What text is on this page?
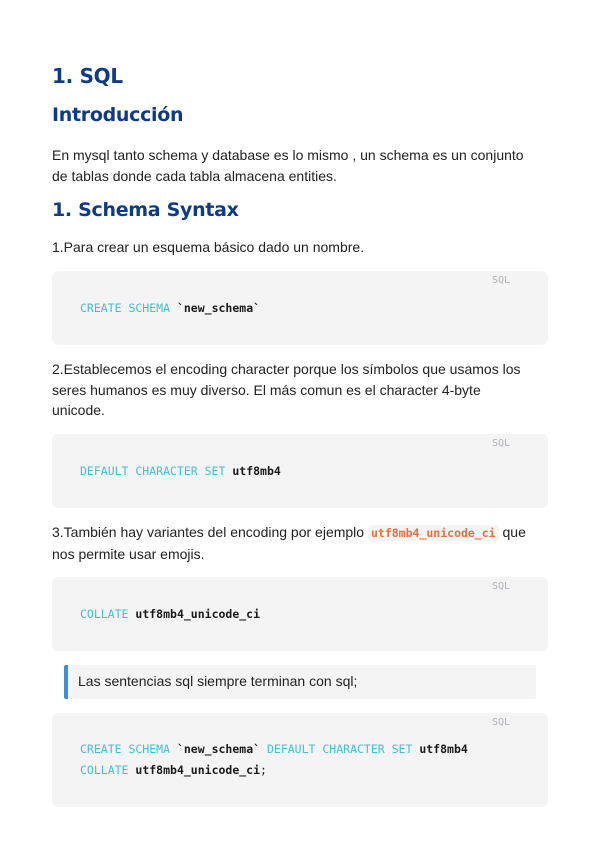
1. SQL
Introducción

En mysql tanto schema y database es lo mismo , un schema es un conjunto
de tablas donde cada tabla almacena entities.

1. Schema Syntax

1.Para crear un esquema básico dado un nombre.

SQL
CREATE SCHEMA `new_schema`

2.Establecemos el encoding character porque los símbolos que usamos los
seres humanos es muy diverso. El más comun es el character 4-byte
unicode.

SQL
DEFAULT CHARACTER SET utf8mb4

3.También hay variantes del encoding por ejemplo utf8mb4_unicode_ci que
nos permite usar emojis.

SQL
COLLATE utf8mb4_unicode_ci
Las sentencias sql siempre terminan con sql;
SQL
CREATE SCHEMA `new_schema` DEFAULT CHARACTER SET utf8mb4
COLLATE utf8mb4_unicode_ci;
